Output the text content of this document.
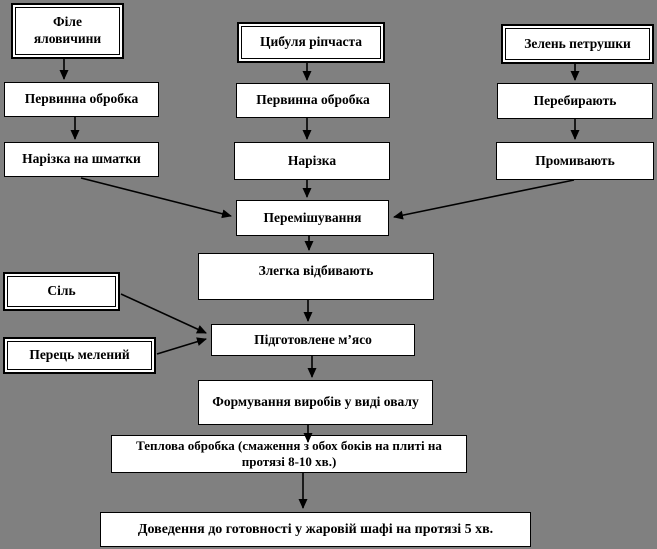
Філе яловичини
Первинна обробка
Нарізка на шматки
Цибуля ріпчаста
Первинна обробка
Нарізка
Зелень петрушки
Перебирають
Промивають
Перемішування
Злегка відбивають
Сіль
Перець мелений
Підготовлене м’ясо
Формування виробів у виді овалу
Теплова обробка (смаження з обох боків на плиті на протязі 8-10 хв.)
Доведення до готовності у жаровій шафі на протязі 5 хв.
